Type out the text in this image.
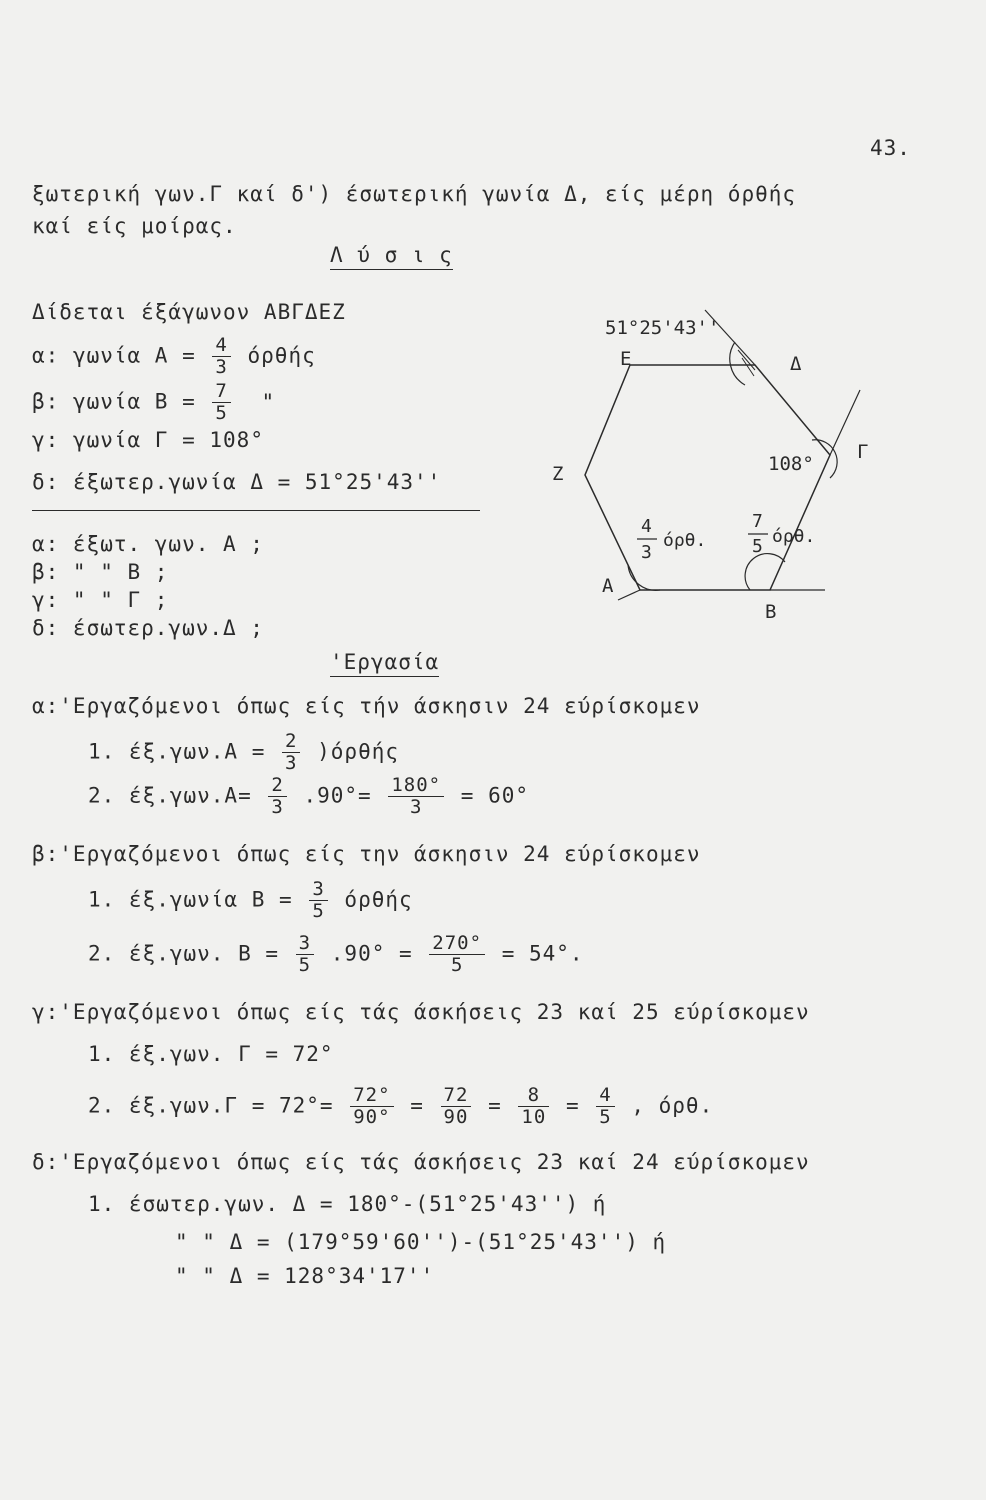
43.
ξωτερική γων.Γ καί δ') έσωτερική γωνία Δ, είς μέρη όρθής
καί είς μοίρας.
Λ ύ σ ι ς
Δίδεται έξάγωνον ΑΒΓΔΕΖ
α: γωνία $A = \frac{4}{3}$ όρθής
β: γωνία $B = \frac{7}{5}$ "
γ: γωνία Γ = 108°
δ: έξωτερ.γωνία Δ = 51°25'43''
α: έξωτ. γων. Α ;
β: " " Β ;
γ: " " Γ ;
δ: έσωτερ.γων.Δ ;
'Εργασία
α:'Εργαζόμενοι όπως είς τήν άσκησιν 24 εύρίσκομεν
1. $έ\xi.\gamma\omega\nu.A = \frac{2}{3} )ό\rho\theta ή\varsigma$
2. $έ\xi.\gamma\omega\nu.A= \frac{2}{3} .90^\circ= \frac{180^\circ}{3} = 60^\circ$
β:'Εργαζόμενοι όπως είς την άσκησιν 24 εύρίσκομεν
1. έξ.γωνία $B = \frac{3}{5}$ όρθής
2. έξ.γων. $B = \frac{3}{5} .90^\circ = \frac{270^\circ}{5} = 54^\circ$.
γ:'Εργαζόμενοι όπως είς τάς άσκήσεις 23 καί 25 εύρίσκομεν
1. έξ.γων. Γ = 72°
2. $έ\xi.\gamma\omega\nu.\Gamma = 72^\circ= \frac{72^\circ}{90^\circ} = \frac{72}{90} = \frac{8}{10} = \frac{4}{5}$ , όρθ.
δ:'Εργαζόμενοι όπως είς τάς άσκήσεις 23 καί 24 εύρίσκομεν
1. έσωτερ.γων. Δ = 180°-(51°25'43'') ή
" " Δ = (179°59'60'')-(51°25'43'') ή
" " Δ = 128°34'17''
51°25'43''
Ε	Δ
Γ
Ζ
Α
Β
108°
4
3
όρθ.
7
5 όρθ.
